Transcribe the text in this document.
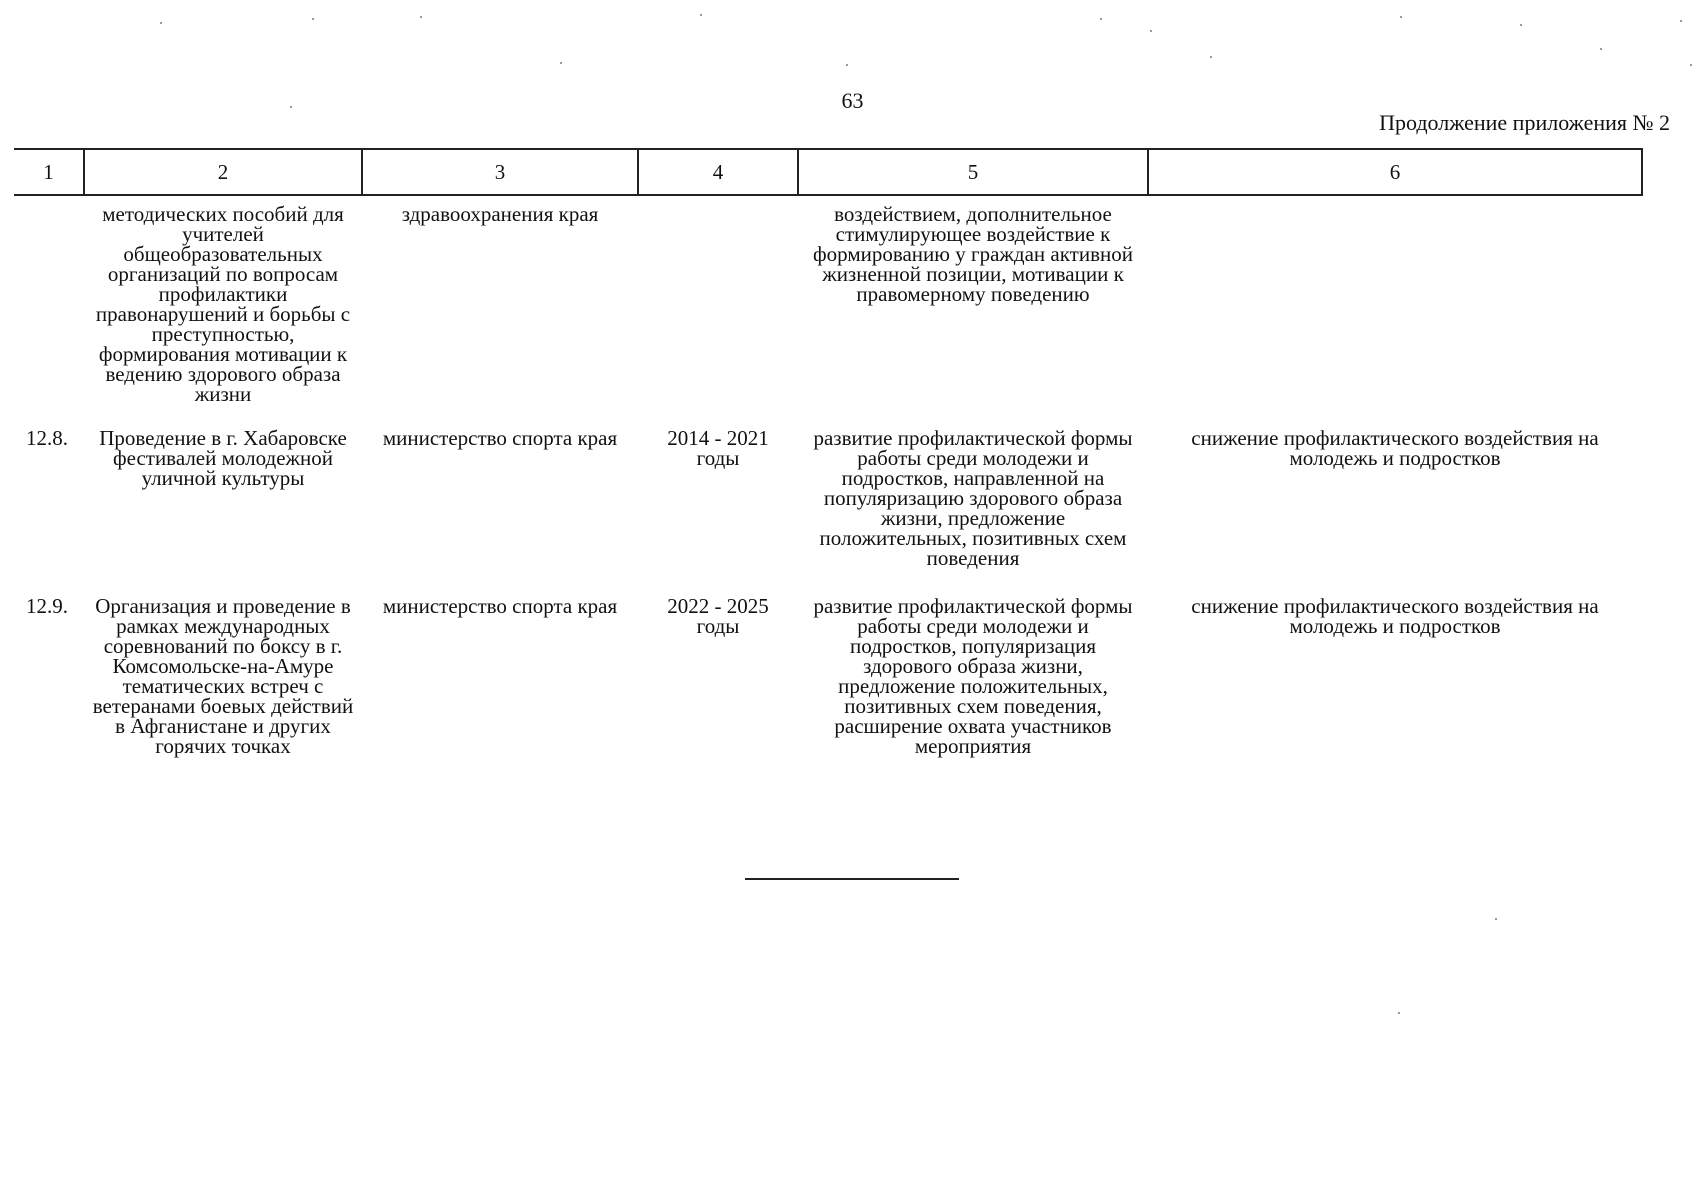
63
Продолжение приложения № 2
1	2	3	4	5	6
	методических пособий для учителей общеобразовательных организаций по вопросам профилактики правонарушений и борьбы с преступностью, формирования мотивации к ведению здорового образа жизни	здравоохранения края		воздействием, дополнительное стимулирующее воздействие к формированию у граждан активной жизненной позиции, мотивации к правомерному поведению	
12.8.	Проведение в г. Хабаровске фестивалей молодежной уличной культуры	министерство спорта края	2014 - 2021 годы	развитие профилактической формы работы среди молодежи и подростков, направленной на популяризацию здорового образа жизни, предложение положительных, позитивных схем поведения	снижение профилактического воздействия на молодежь и подростков
12.9.	Организация и проведение в рамках международных соревнований по боксу в г. Комсомольске-на-Амуре тематических встреч с ветеранами боевых действий в Афганистане и других горячих точках	министерство спорта края	2022 - 2025 годы	развитие профилактической формы работы среди молодежи и подростков, популяризация здорового образа жизни, предложение положительных, позитивных схем поведения, расширение охвата участников мероприятия	снижение профилактического воздействия на молодежь и подростков
